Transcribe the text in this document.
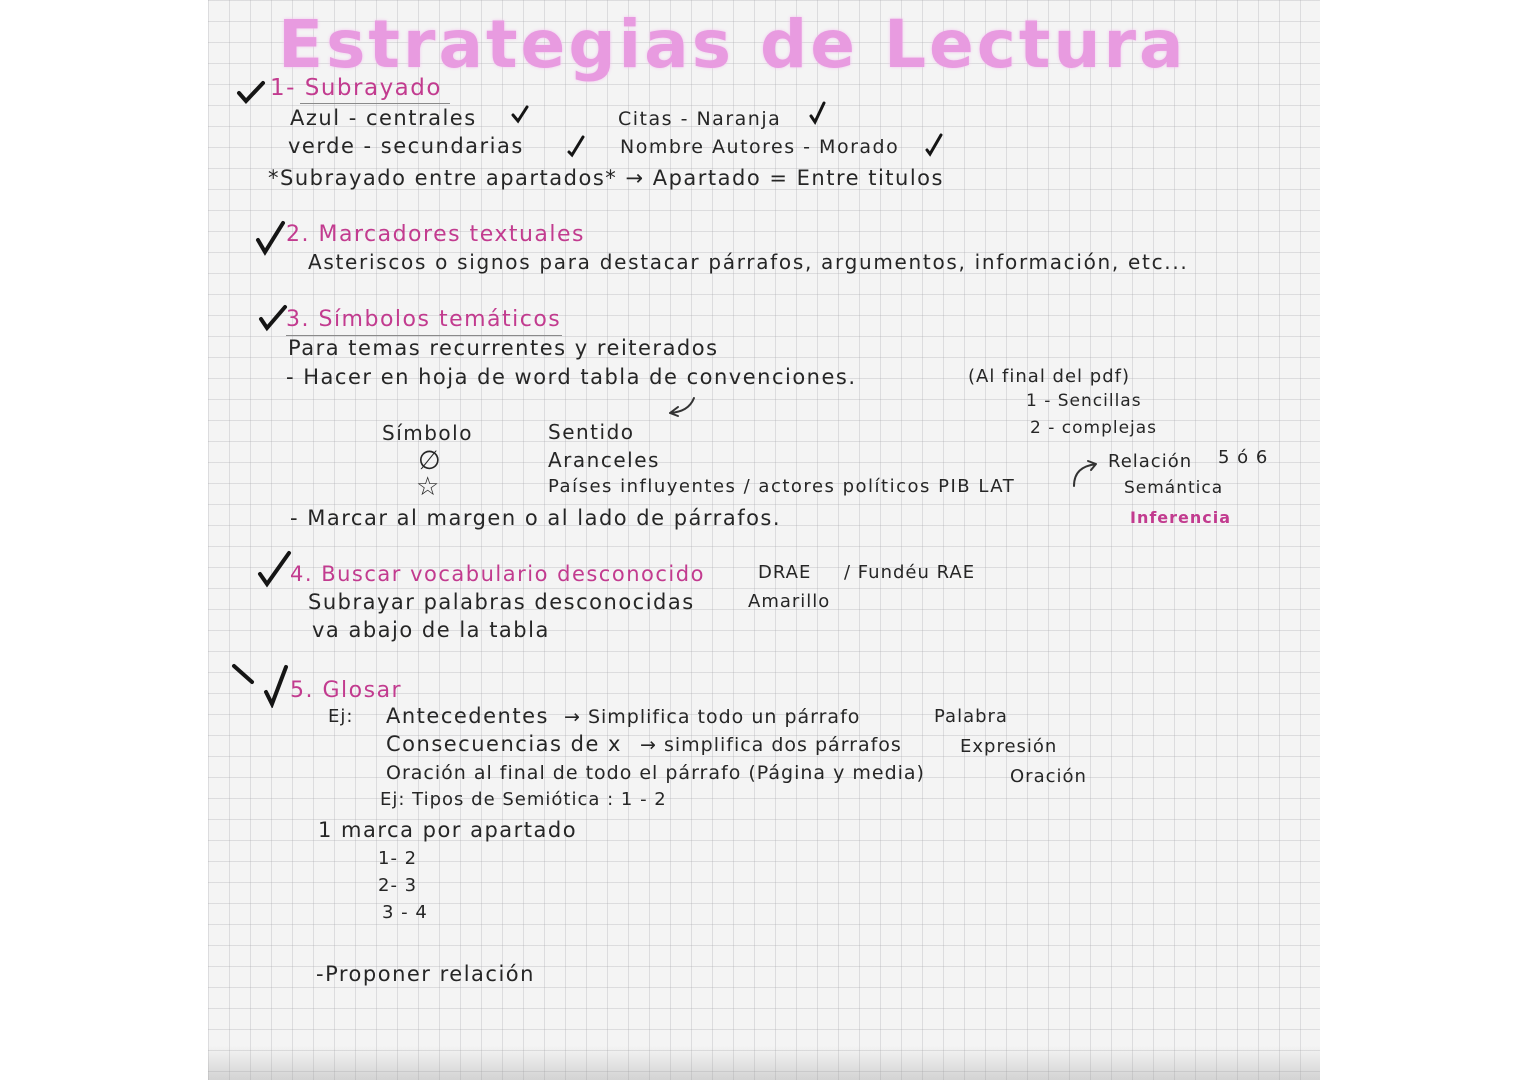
Estrategias de Lectura
1- Subrayado
Azul - centrales	Citas - Naranja
verde - secundarias	Nombre Autores - Morado
*Subrayado entre apartados* → Apartado = Entre titulos
2. Marcadores textuales
Asteriscos o signos para destacar párrafos, argumentos, información, etc...
3. Símbolos temáticos
Para temas recurrentes y reiterados
- Hacer en hoja de word tabla de convenciones.	(Al final del pdf)
1 - Sencillas
2 - complejas
Símbolo	Sentido
∅	Aranceles
☆	Países influyentes / actores políticos PIB LAT
Relación 5 ó 6
Semántica
Inferencia
- Marcar al margen o al lado de párrafos.
4. Buscar vocabulario desconocido	DRAE / Fundéu RAE
Subrayar palabras desconocidas	Amarillo
va abajo de la tabla
5. Glosar
Ej: Antecedentes → Simplifica todo un párrafo	Palabra
Consecuencias de x → simplifica dos párrafos	Expresión
Oración al final de todo el párrafo (Página y media)	Oración
Ej: Tipos de Semiótica : 1 - 2
1 marca por apartado
1- 2
2- 3
3 - 4
-Proponer relación
